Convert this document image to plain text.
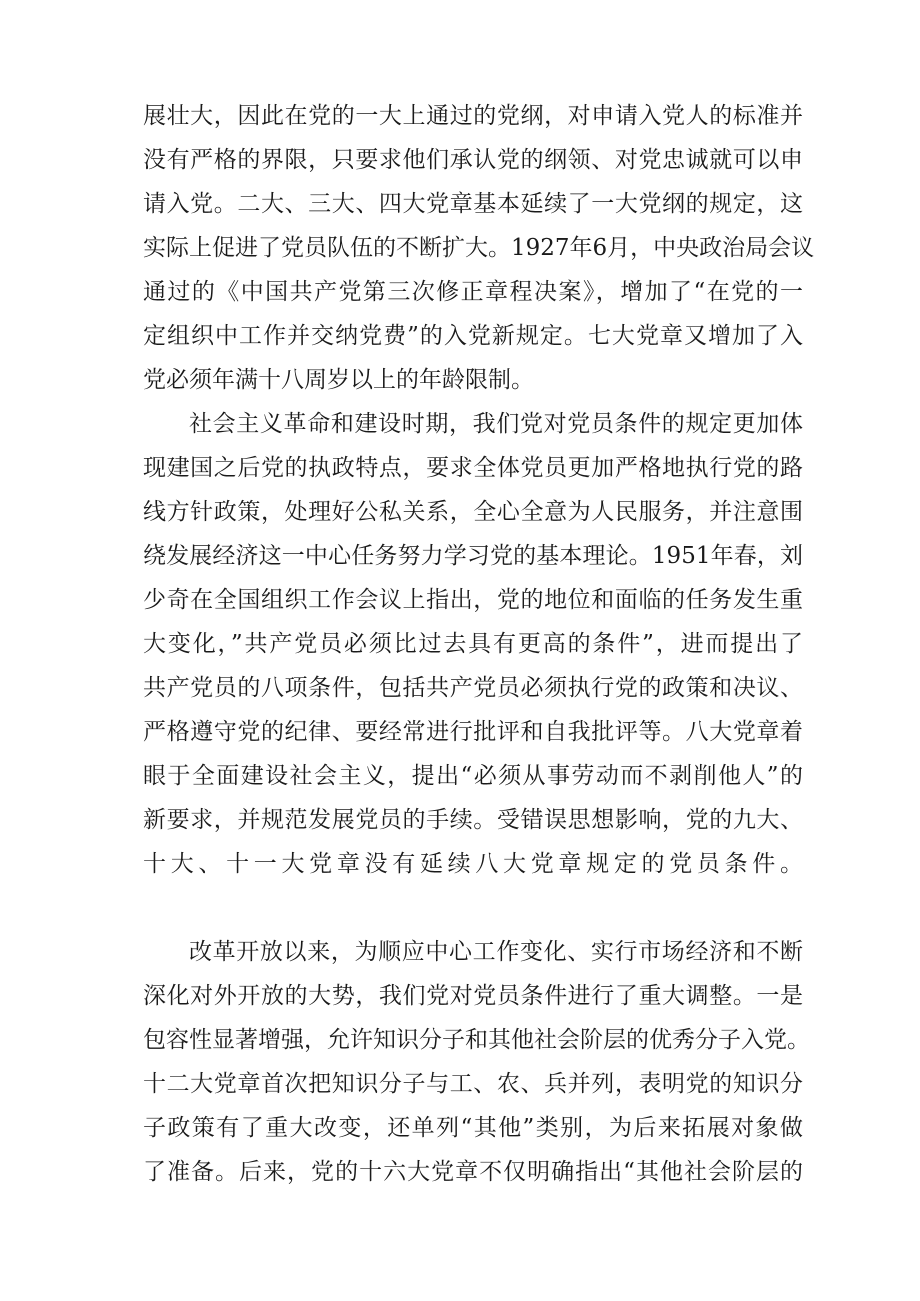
展壮大，因此在党的一大上通过的党纲，对申请入党人的标准并
没有严格的界限，只要求他们承认党的纲领、对党忠诚就可以申
请入党。二大、三大、四大党章基本延续了一大党纲的规定，这
实际上促进了党员队伍的不断扩大。1927年6月，中央政治局会议
通过的《中国共产党第三次修正章程决案》，增加了“在党的一
定组织中工作并交纳党费”的入党新规定。七大党章又增加了入
党必须年满十八周岁以上的年龄限制。
社会主义革命和建设时期，我们党对党员条件的规定更加体
现建国之后党的执政特点，要求全体党员更加严格地执行党的路
线方针政策，处理好公私关系，全心全意为人民服务，并注意围
绕发展经济这一中心任务努力学习党的基本理论。1951年春，刘
少奇在全国组织工作会议上指出，党的地位和面临的任务发生重
大变化，”共产党员必须比过去具有更高的条件”，进而提出了
共产党员的八项条件，包括共产党员必须执行党的政策和决议、
严格遵守党的纪律、要经常进行批评和自我批评等。八大党章着
眼于全面建设社会主义，提出“必须从事劳动而不剥削他人”的
新要求，并规范发展党员的手续。受错误思想影响，党的九大、
十大、十一大党章没有延续八大党章规定的党员条件。
改革开放以来，为顺应中心工作变化、实行市场经济和不断
深化对外开放的大势，我们党对党员条件进行了重大调整。一是
包容性显著增强，允许知识分子和其他社会阶层的优秀分子入党。
十二大党章首次把知识分子与工、农、兵并列，表明党的知识分
子政策有了重大改变，还单列“其他”类别，为后来拓展对象做
了准备。后来，党的十六大党章不仅明确指出“其他社会阶层的
